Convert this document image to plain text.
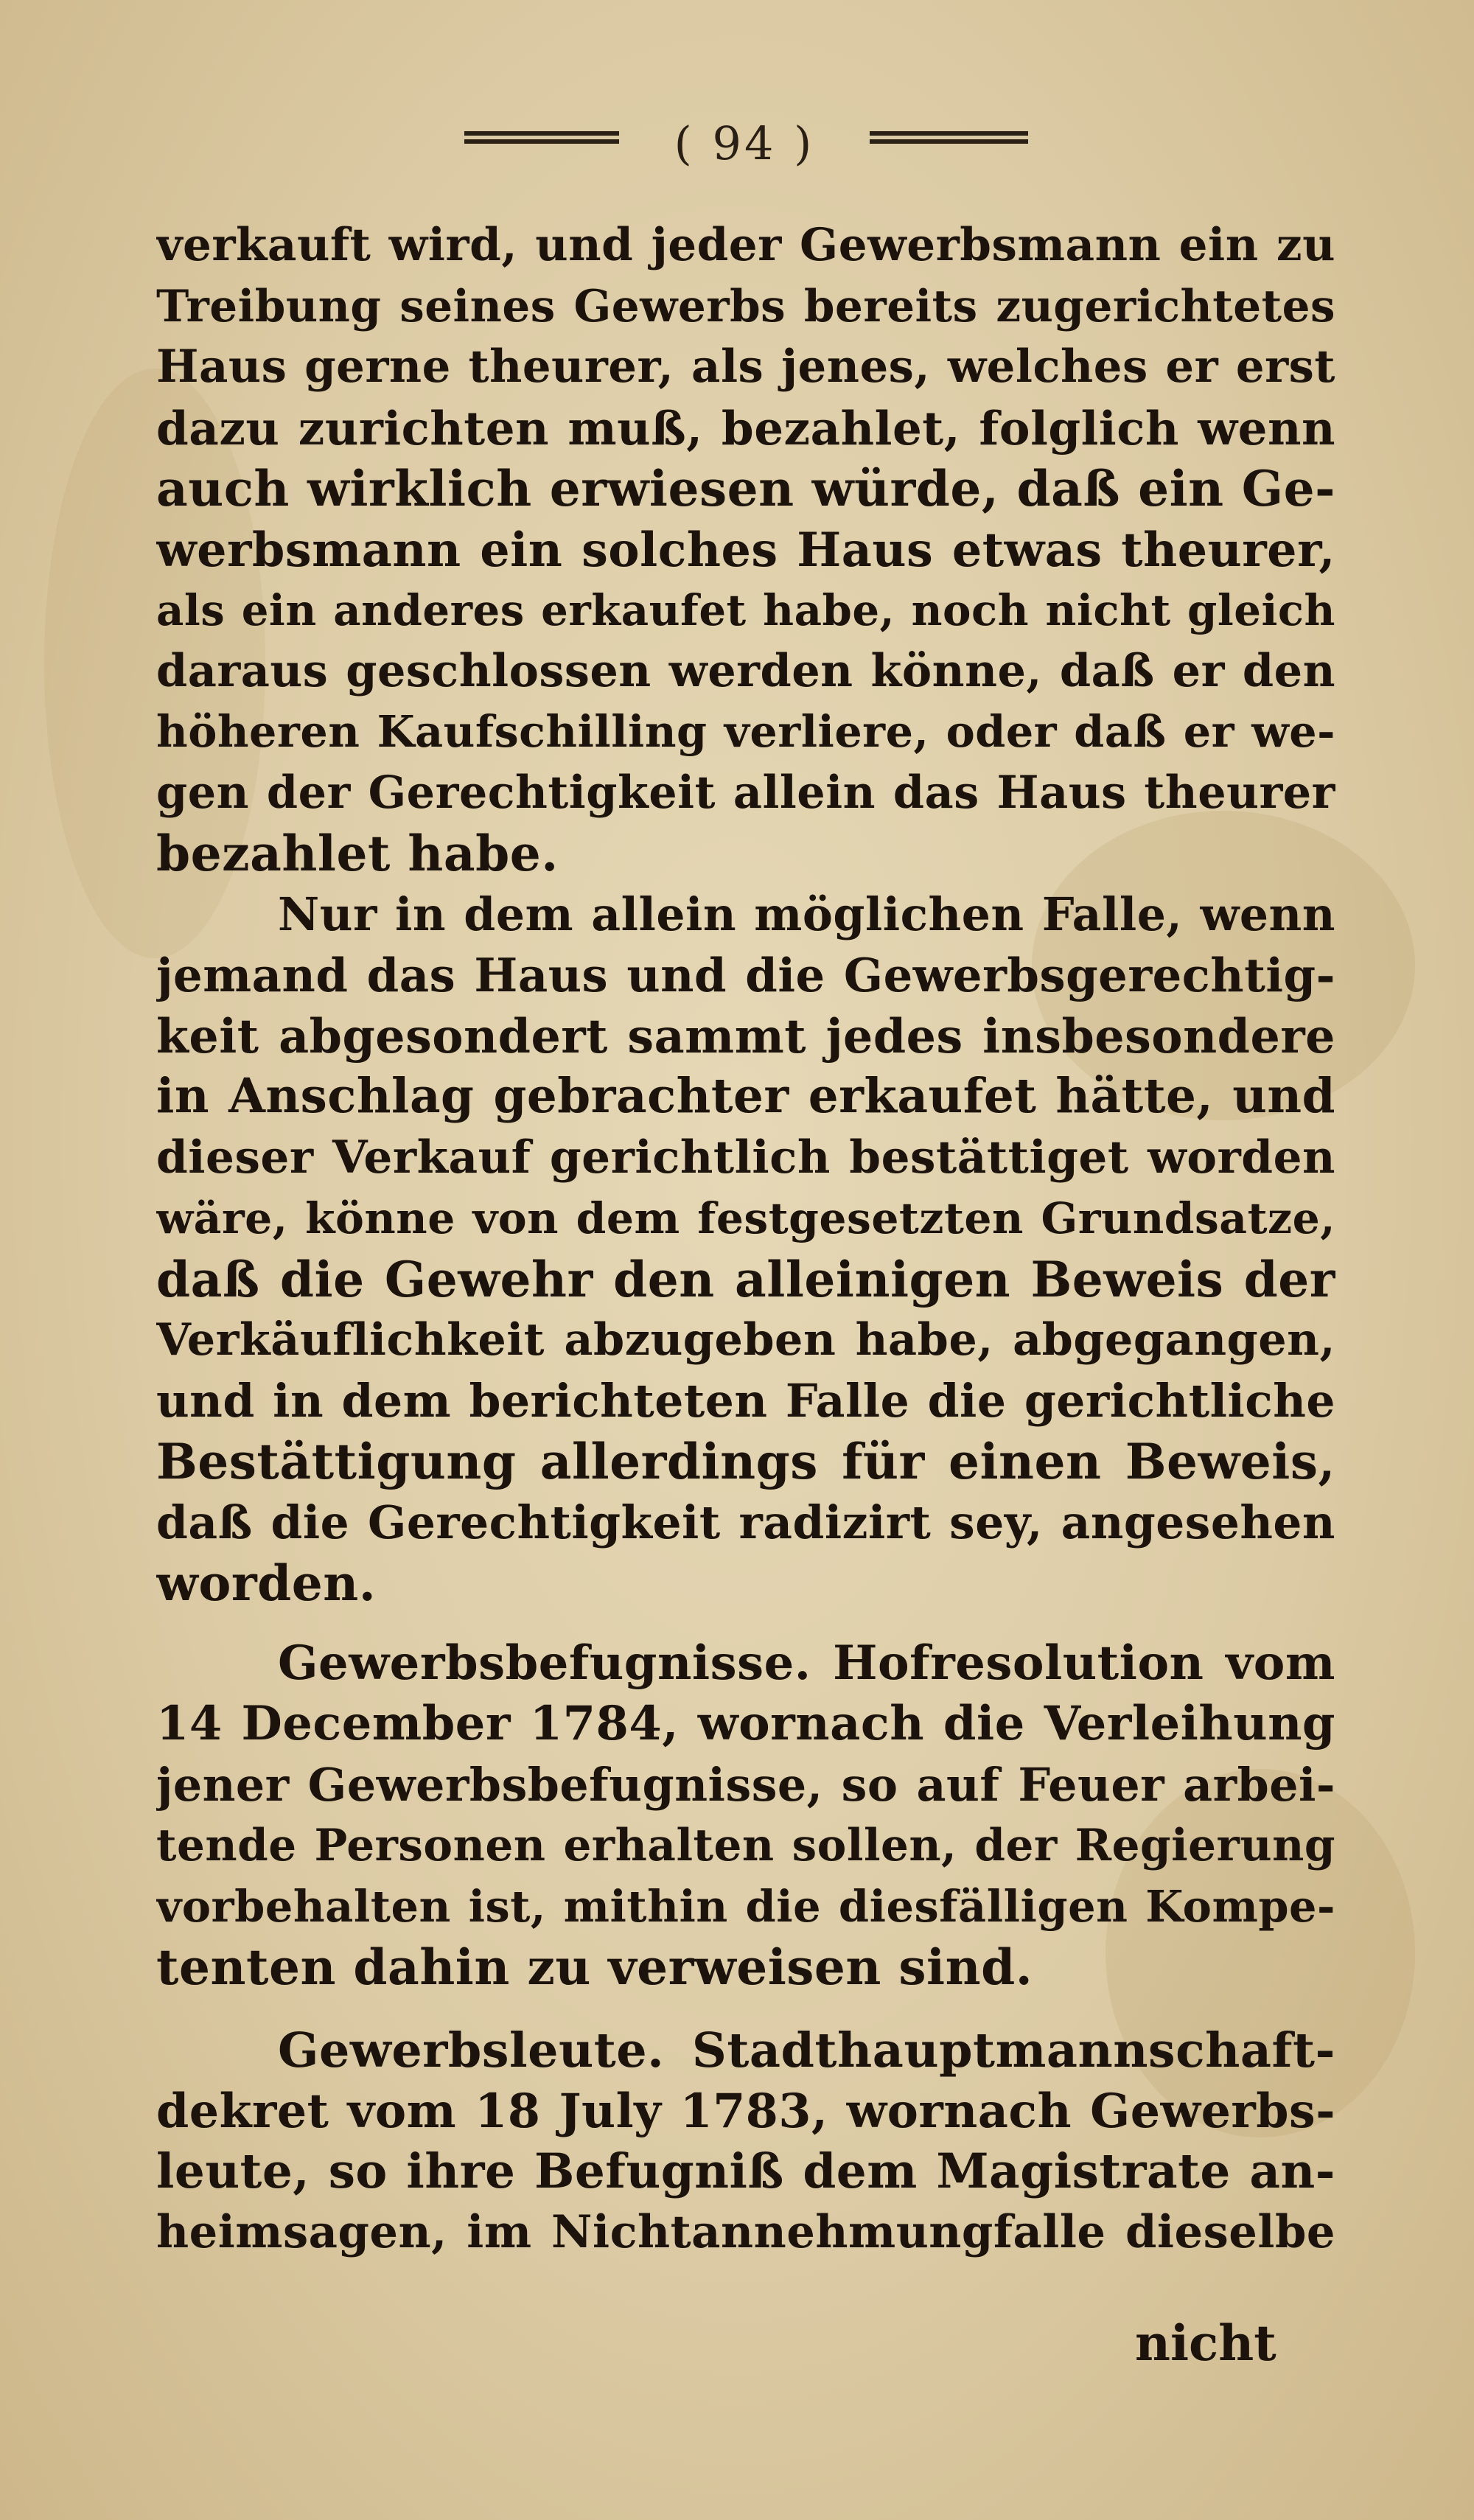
( 94 )
verkauft wird, und jeder Gewerbsmann ein zu
Treibung seines Gewerbs bereits zugerichtetes
Haus gerne theurer, als jenes, welches er erst
dazu zurichten muß, bezahlet, folglich wenn
auch wirklich erwiesen würde, daß ein Ge-
werbsmann ein solches Haus etwas theurer,
als ein anderes erkaufet habe, noch nicht gleich
daraus geschlossen werden könne, daß er den
höheren Kaufschilling verliere, oder daß er we-
gen der Gerechtigkeit allein das Haus theurer
bezahlet habe.
Nur in dem allein möglichen Falle, wenn
jemand das Haus und die Gewerbsgerechtig-
keit abgesondert sammt jedes insbesondere
in Anschlag gebrachter erkaufet hätte, und
dieser Verkauf gerichtlich bestättiget worden
wäre, könne von dem festgesetzten Grundsatze,
daß die Gewehr den alleinigen Beweis der
Verkäuflichkeit abzugeben habe, abgegangen,
und in dem berichteten Falle die gerichtliche
Bestättigung allerdings für einen Beweis,
daß die Gerechtigkeit radizirt sey, angesehen
worden.
Gewerbsbefugnisse. Hofresolution vom
14 December 1784, wornach die Verleihung
jener Gewerbsbefugnisse, so auf Feuer arbei-
tende Personen erhalten sollen, der Regierung
vorbehalten ist, mithin die diesfälligen Kompe-
tenten dahin zu verweisen sind.
Gewerbsleute. Stadthauptmannschaft-
dekret vom 18 July 1783, wornach Gewerbs-
leute, so ihre Befugniß dem Magistrate an-
heimsagen, im Nichtannehmungfalle dieselbe
nicht
